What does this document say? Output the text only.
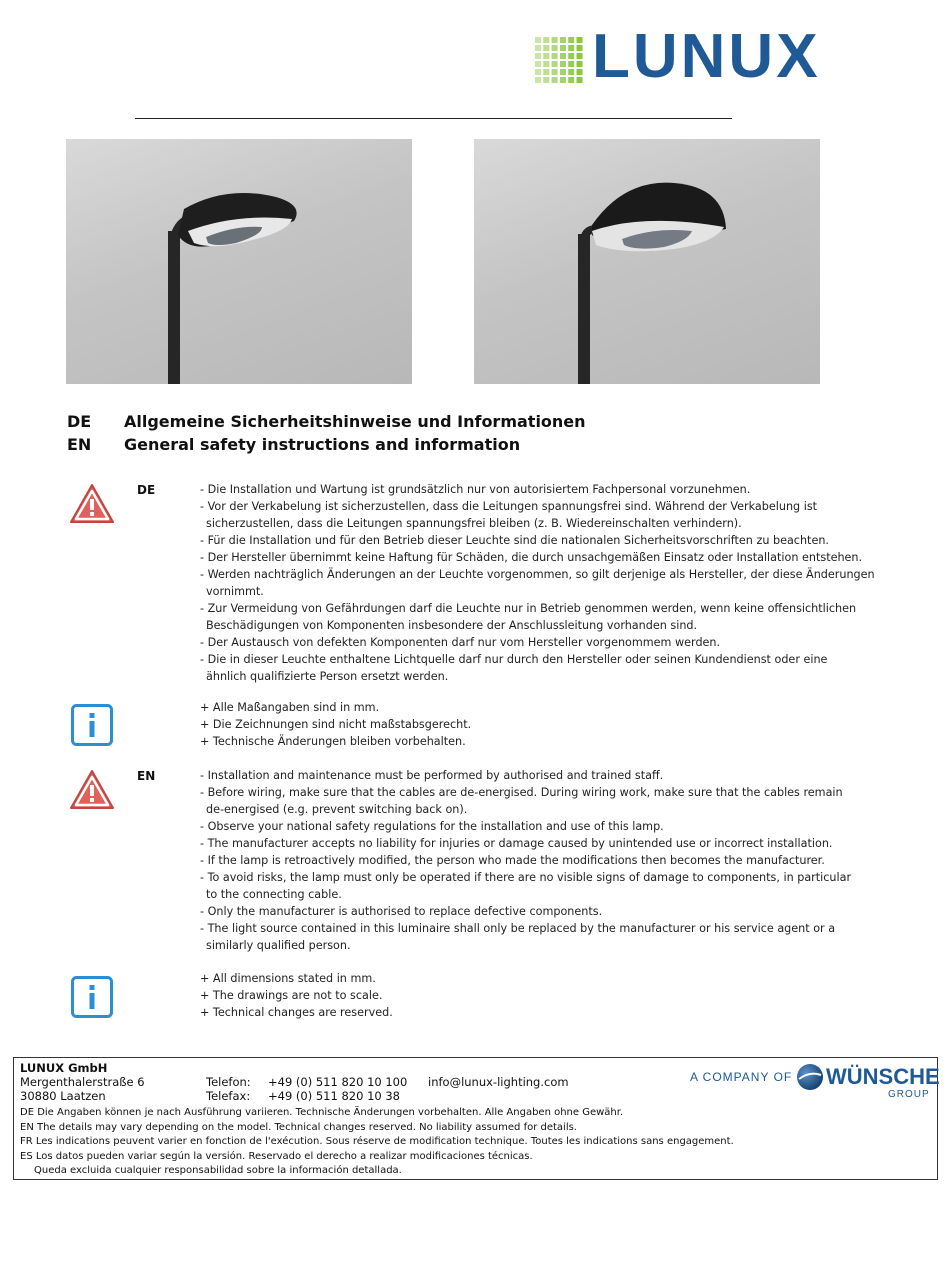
LUNUX
DE Allgemeine Sicherheitshinweise und Informationen
EN General safety instructions and information
DE	- Die Installation und Wartung ist grundsätzlich nur von autorisiertem Fachpersonal vorzunehmen.
- Vor der Verkabelung ist sicherzustellen, dass die Leitungen spannungsfrei sind. Während der Verkabelung ist
sicherzustellen, dass die Leitungen spannungsfrei bleiben (z. B. Wiedereinschalten verhindern).
- Für die Installation und für den Betrieb dieser Leuchte sind die nationalen Sicherheitsvorschriften zu beachten.
- Der Hersteller übernimmt keine Haftung für Schäden, die durch unsachgemäßen Einsatz oder Installation entstehen.
- Werden nachträglich Änderungen an der Leuchte vorgenommen, so gilt derjenige als Hersteller, der diese Änderungen
vornimmt.
- Zur Vermeidung von Gefährdungen darf die Leuchte nur in Betrieb genommen werden, wenn keine offensichtlichen
Beschädigungen von Komponenten insbesondere der Anschlussleitung vorhanden sind.
- Der Austausch von defekten Komponenten darf nur vom Hersteller vorgenommem werden.
- Die in dieser Leuchte enthaltene Lichtquelle darf nur durch den Hersteller oder seinen Kundendienst oder eine
ähnlich qualifizierte Person ersetzt werden.
+ Alle Maßangaben sind in mm.
+ Die Zeichnungen sind nicht maßstabsgerecht.
+ Technische Änderungen bleiben vorbehalten.
EN	- Installation and maintenance must be performed by authorised and trained staff.
- Before wiring, make sure that the cables are de-energised. During wiring work, make sure that the cables remain
de-energised (e.g. prevent switching back on).
- Observe your national safety regulations for the installation and use of this lamp.
- The manufacturer accepts no liability for injuries or damage caused by unintended use or incorrect installation.
- If the lamp is retroactively modified, the person who made the modifications then becomes the manufacturer.
- To avoid risks, the lamp must only be operated if there are no visible signs of damage to components, in particular
to the connecting cable.
- Only the manufacturer is authorised to replace defective components.
- The light source contained in this luminaire shall only be replaced by the manufacturer or his service agent or a
similarly qualified person.
+ All dimensions stated in mm.
+ The drawings are not to scale.
+ Technical changes are reserved.
LUNUX GmbH
Mergenthalerstraße 6
30880 Laatzen
Telefon: +49 (0) 511 820 10 100
Telefax: +49 (0) 511 820 10 38
info@lunux-lighting.com	A COMPANY OF WÜNSCHE
GROUP
DE Die Angaben können je nach Ausführung variieren. Technische Änderungen vorbehalten. Alle Angaben ohne Gewähr.
EN The details may vary depending on the model. Technical changes reserved. No liability assumed for details.
FR Les indications peuvent varier en fonction de l'exécution. Sous réserve de modification technique. Toutes les indications sans engagement.
ES Los datos pueden variar según la versión. Reservado el derecho a realizar modificaciones técnicas.
Queda excluida cualquier responsabilidad sobre la información detallada.
